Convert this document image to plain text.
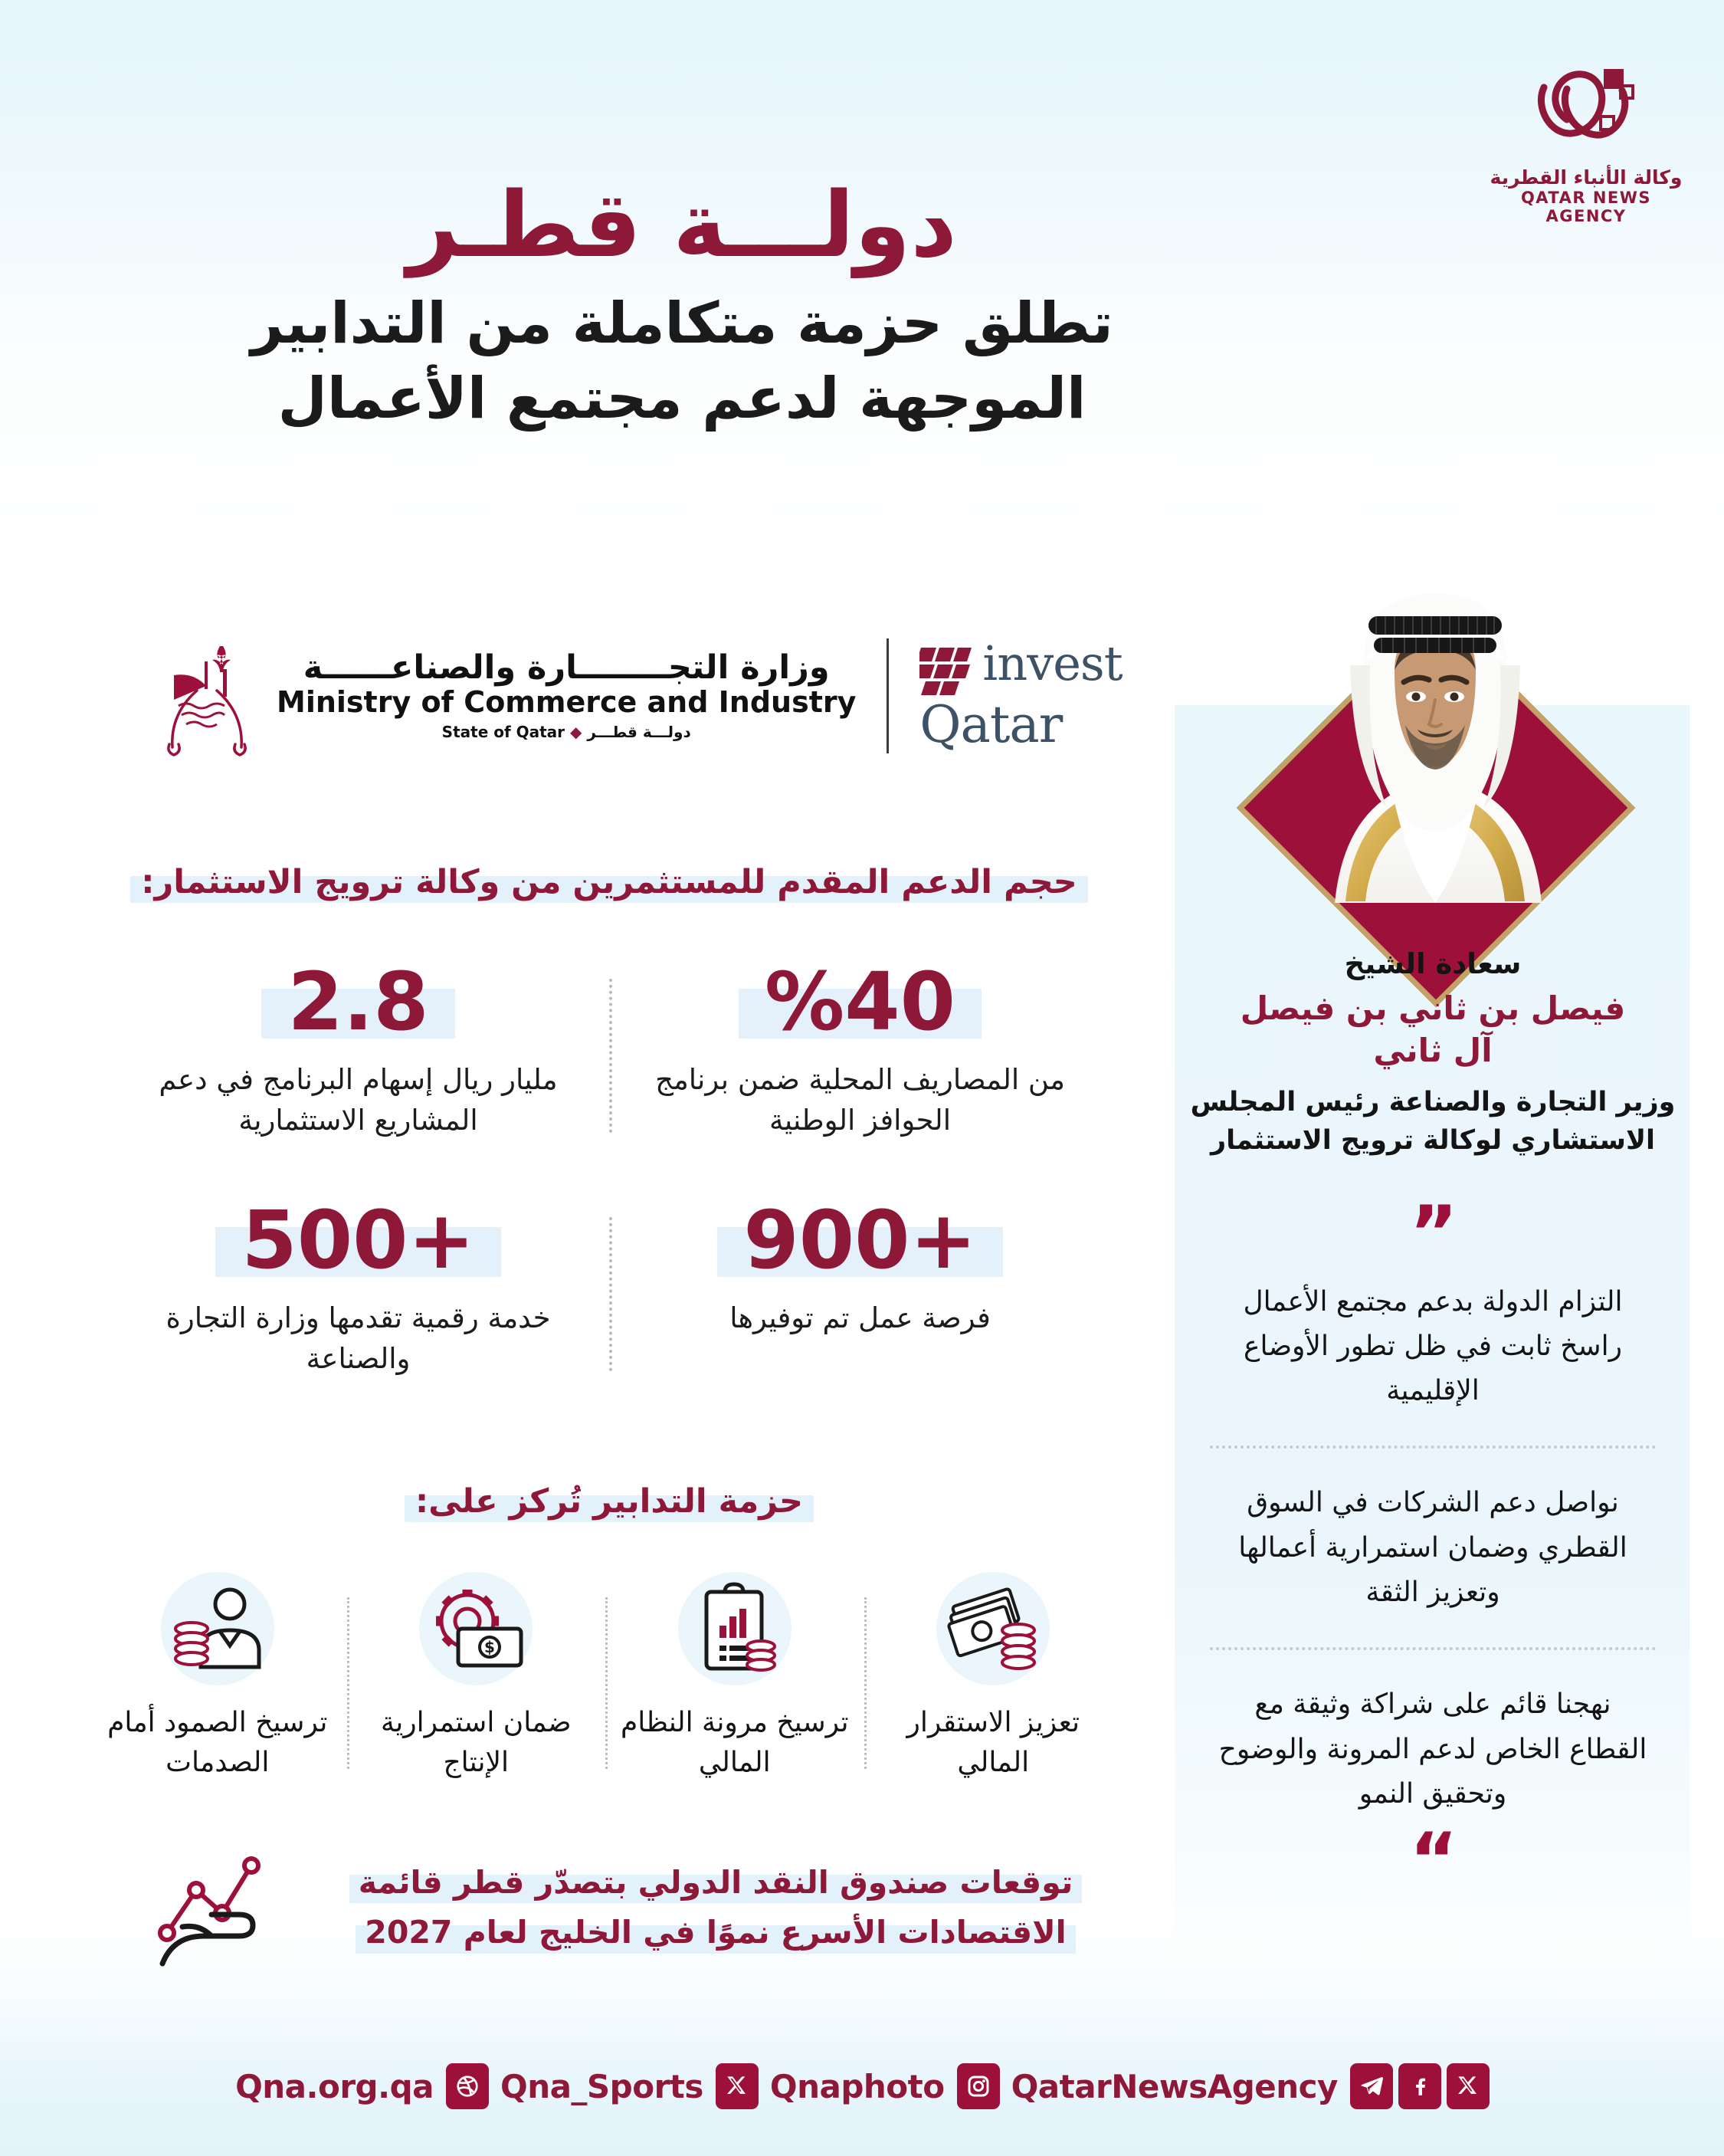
وكالة الأنباء القطرية
QATAR NEWS AGENCY
دولـــة قطـر
تطلق حزمة متكاملة من التدابير
الموجهة لدعم مجتمع الأعمال
invest
Qatar
وزارة التجــــــــارة والصناعــــــة
Ministry of Commerce and Industry
دولـــة قطـــر ◆ State of Qatar
حجم الدعم المقدم للمستثمرين من وكالة ترويج الاستثمار:
%40
من المصاريف المحلية ضمن برنامج الحوافز الوطنية
2.8
مليار ريال إسهام البرنامج في دعم المشاريع الاستثمارية
900+
فرصة عمل تم توفيرها
500+
خدمة رقمية تقدمها وزارة التجارة والصناعة
حزمة التدابير تُركز على:
تعزيز الاستقرار المالي
ترسيخ مرونة النظام المالي
$
ضمان استمرارية الإنتاج
ترسيخ الصمود أمام الصدمات
توقعات صندوق النقد الدولي بتصدّر قطر قائمة
الاقتصادات الأسرع نموًا في الخليج لعام 2027
سعادة الشيخ
فيصل بن ثاني بن فيصل
آل ثاني
وزير التجارة والصناعة رئيس المجلس الاستشاري لوكالة ترويج الاستثمار
”
التزام الدولة بدعم مجتمع الأعمال راسخ ثابت في ظل تطور الأوضاع الإقليمية
نواصل دعم الشركات في السوق القطري وضمان استمرارية أعمالها وتعزيز الثقة
نهجنا قائم على شراكة وثيقة مع القطاع الخاص لدعم المرونة والوضوح وتحقيق النمو
“
QatarNewsAgency
Qnaphoto
Qna_Sports
Qna.org.qa
